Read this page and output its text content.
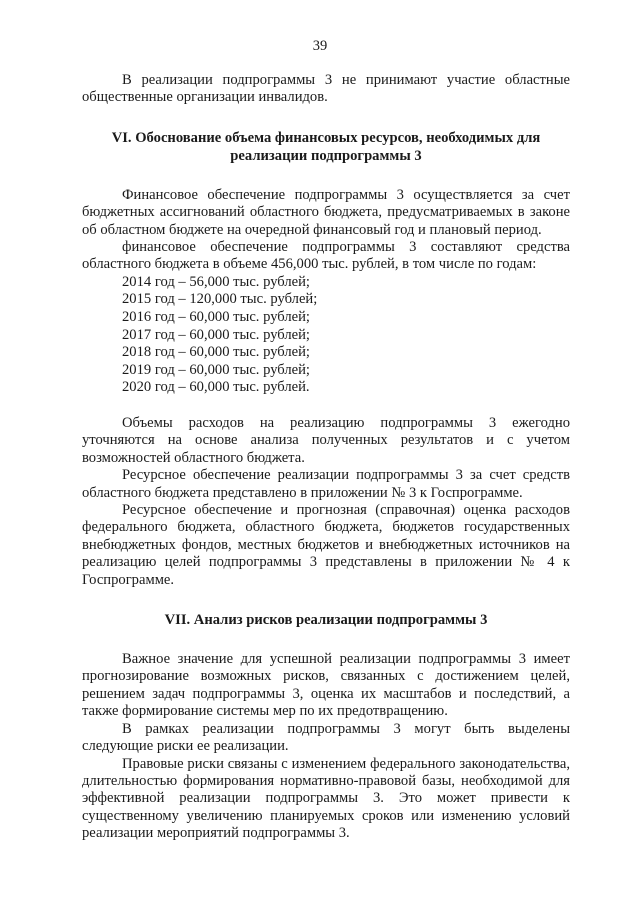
39

В реализации подпрограммы 3 не принимают участие областные общественные организации инвалидов.

VI. Обоснование объема финансовых ресурсов, необходимых для реализации подпрограммы 3

Финансовое обеспечение подпрограммы 3 осуществляется за счет бюджетных ассигнований областного бюджета, предусматриваемых в законе об областном бюджете на очередной финансовый год и плановый период.

финансовое обеспечение подпрограммы 3 составляют средства областного бюджета в объеме 456,000 тыс. рублей, в том числе по годам:

2014 год – 56,000 тыс. рублей;
2015 год – 120,000 тыс. рублей;
2016 год – 60,000 тыс. рублей;
2017 год – 60,000 тыс. рублей;
2018 год – 60,000 тыс. рублей;
2019 год – 60,000 тыс. рублей;
2020 год – 60,000 тыс. рублей.

Объемы расходов на реализацию подпрограммы 3 ежегодно уточняются на основе анализа полученных результатов и с учетом возможностей областного бюджета.

Ресурсное обеспечение реализации подпрограммы 3 за счет средств областного бюджета представлено в приложении № 3 к Госпрограмме.

Ресурсное обеспечение и прогнозная (справочная) оценка расходов федерального бюджета, областного бюджета, бюджетов государственных внебюджетных фондов, местных бюджетов и внебюджетных источников на реализацию целей подпрограммы 3 представлены в приложении № 4 к Госпрограмме.

VII. Анализ рисков реализации подпрограммы 3

Важное значение для успешной реализации подпрограммы 3 имеет прогнозирование возможных рисков, связанных с достижением целей, решением задач подпрограммы 3, оценка их масштабов и последствий, а также формирование системы мер по их предотвращению.

В рамках реализации подпрограммы 3 могут быть выделены следующие риски ее реализации.

Правовые риски связаны с изменением федерального законодательства, длительностью формирования нормативно-правовой базы, необходимой для эффективной реализации подпрограммы 3. Это может привести к существенному увеличению планируемых сроков или изменению условий реализации мероприятий подпрограммы 3.
